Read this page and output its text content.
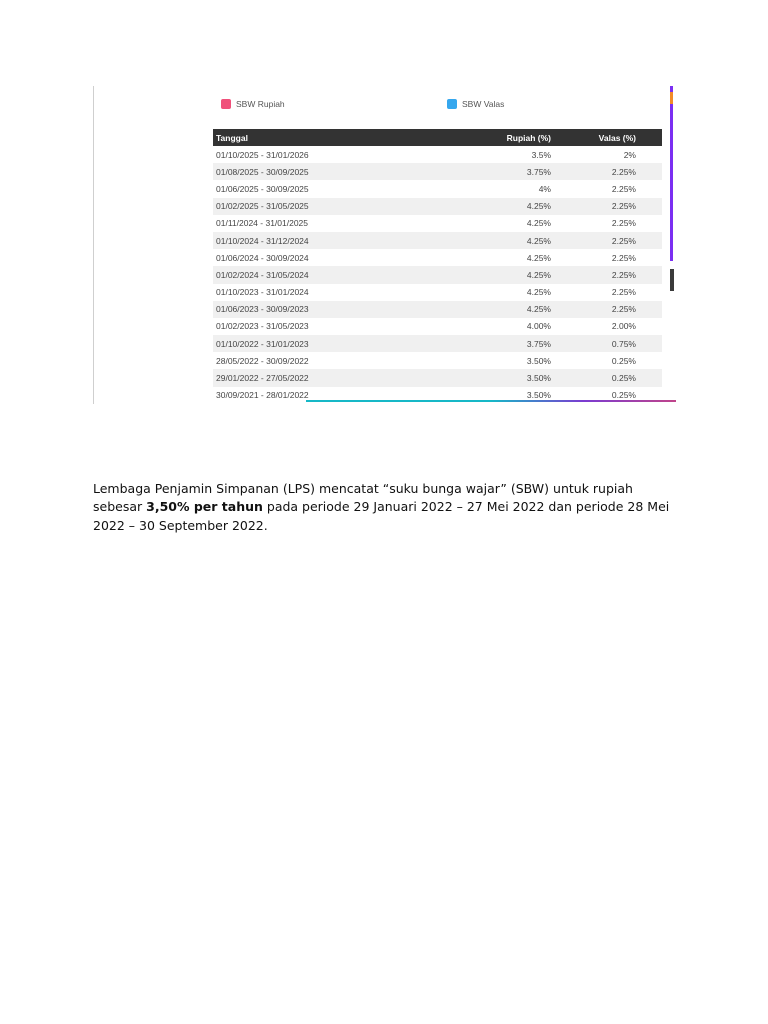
SBW Rupiah	SBW Valas
Tanggal	Rupiah (%)	Valas (%)
01/10/2025 - 31/01/2026	3.5%	2%
01/08/2025 - 30/09/2025	3.75%	2.25%
01/06/2025 - 30/09/2025	4%	2.25%
01/02/2025 - 31/05/2025	4.25%	2.25%
01/11/2024 - 31/01/2025	4.25%	2.25%
01/10/2024 - 31/12/2024	4.25%	2.25%
01/06/2024 - 30/09/2024	4.25%	2.25%
01/02/2024 - 31/05/2024	4.25%	2.25%
01/10/2023 - 31/01/2024	4.25%	2.25%
01/06/2023 - 30/09/2023	4.25%	2.25%
01/02/2023 - 31/05/2023	4.00%	2.00%
01/10/2022 - 31/01/2023	3.75%	0.75%
28/05/2022 - 30/09/2022	3.50%	0.25%
29/01/2022 - 27/05/2022	3.50%	0.25%
30/09/2021 - 28/01/2022	3.50%	0.25%

Lembaga Penjamin Simpanan (LPS) mencatat “suku bunga wajar” (SBW) untuk rupiah sebesar 3,50% per tahun pada periode 29 Januari 2022 – 27 Mei 2022 dan periode 28 Mei 2022 – 30 September 2022.
